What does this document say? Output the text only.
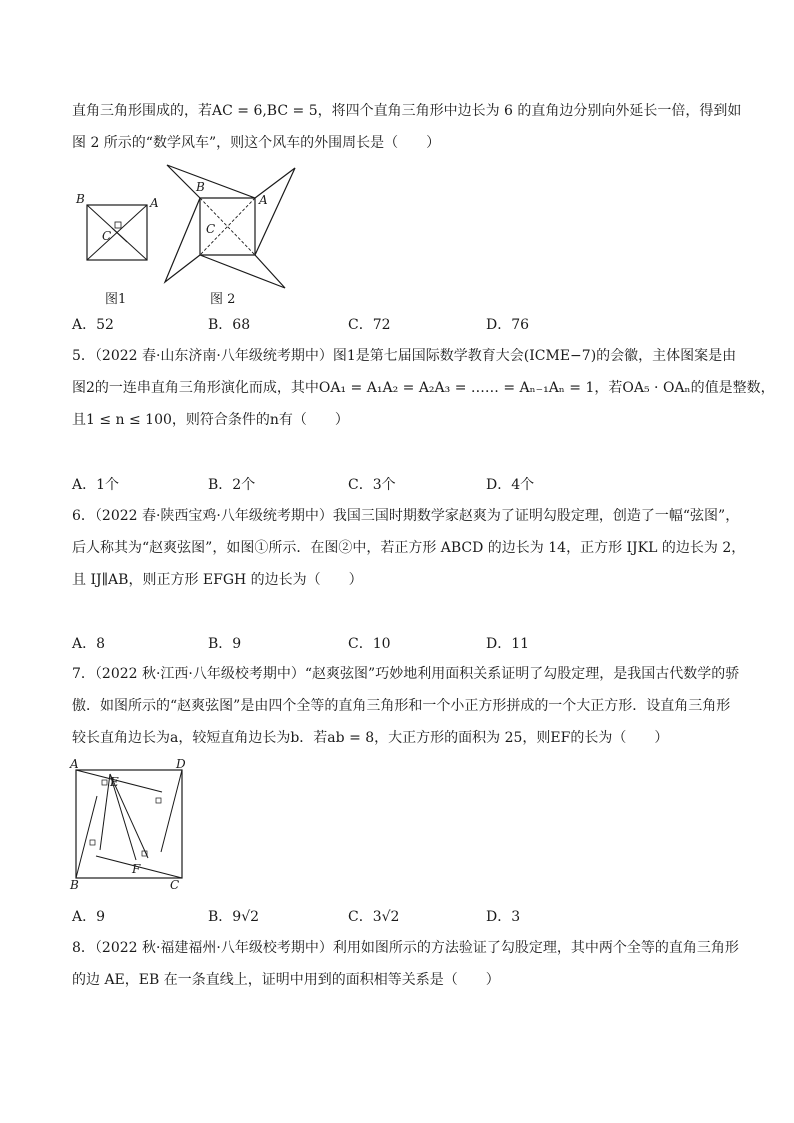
直角三角形围成的，若AC = 6,BC = 5，将四个直角三角形中边长为 6 的直角边分别向外延长一倍，得到如
图 2 所示的“数学风车”，则这个风车的外围周长是（　　）
B	A
C
图1
B
A
C
图 2
A．52	B．68	C．72	D．76
5．（2022 春·山东济南·八年级统考期中）图1是第七届国际数学教育大会(ICME−7)的会徽，主体图案是由
图2的一连串直角三角形演化而成，其中OA₁ = A₁A₂ = A₂A₃ = …… = Aₙ₋₁Aₙ = 1，若OA₅ · OAₙ的值是整数，
且1 ≤ n ≤ 100，则符合条件的n有（　　）
A．1个	B．2个	C．3个	D．4个
6．（2022 春·陕西宝鸡·八年级统考期中）我国三国时期数学家赵爽为了证明勾股定理，创造了一幅“弦图”，
后人称其为“赵爽弦图”，如图①所示．在图②中，若正方形 ABCD 的边长为 14，正方形 IJKL 的边长为 2，
且 IJ∥AB，则正方形 EFGH 的边长为（　　）
A．8	B．9	C．10	D．11
7．（2022 秋·江西·八年级校考期中）“赵爽弦图”巧妙地利用面积关系证明了勾股定理，是我国古代数学的骄
傲．如图所示的“赵爽弦图”是由四个全等的直角三角形和一个小正方形拼成的一个大正方形．设直角三角形
较长直角边长为a，较短直角边长为b．若ab = 8，大正方形的面积为 25，则EF的长为（　　）
A	D
E
B
F
C
A．9	B．9√2	C．3√2	D．3
8．（2022 秋·福建福州·八年级校考期中）利用如图所示的方法验证了勾股定理，其中两个全等的直角三角形
的边 AE，EB 在一条直线上，证明中用到的面积相等关系是（　　）
